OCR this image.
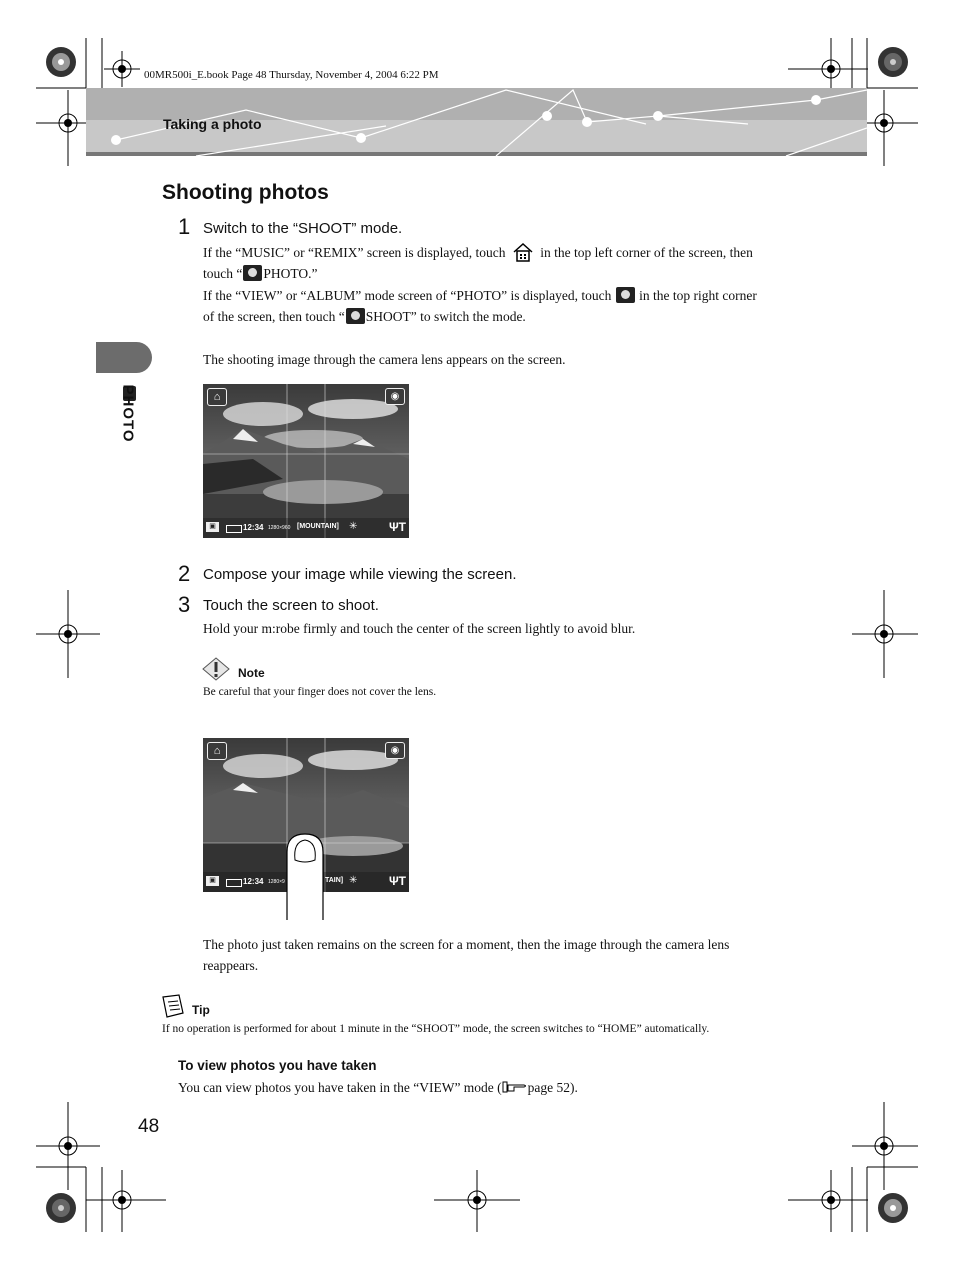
00MR500i_E.book Page 48 Thursday, November 4, 2004 6:22 PM
Taking a photo
PHOTO
Shooting photos
1 Switch to the “SHOOT” mode.
If the “MUSIC” or “REMIX” screen is displayed, touch	in the top left corner of the screen, then
touch “ PHOTO.”
If the “VIEW” or “ALBUM” mode screen of “PHOTO” is displayed, touch in the top right corner
of the screen, then touch “ SHOOT” to switch the mode.
The shooting image through the camera lens appears on the screen.
⌂	◉
▣	12:34 1280×960 [MOUNTAIN] ✳	ΨT
2 Compose your image while viewing the screen.
3 Touch the screen to shoot.
Hold your m:robe firmly and touch the center of the screen lightly to avoid blur.
Note
Be careful that your finger does not cover the lens.
⌂	◉
▣	12:34 1280×9	TAIN] ✳	ΨT
The photo just taken remains on the screen for a moment, then the image through the camera lens
reappears.
Tip
If no operation is performed for about 1 minute in the “SHOOT” mode, the screen switches to “HOME” automatically.
To view photos you have taken
You can view photos you have taken in the “VIEW” mode ( page 52).
48
